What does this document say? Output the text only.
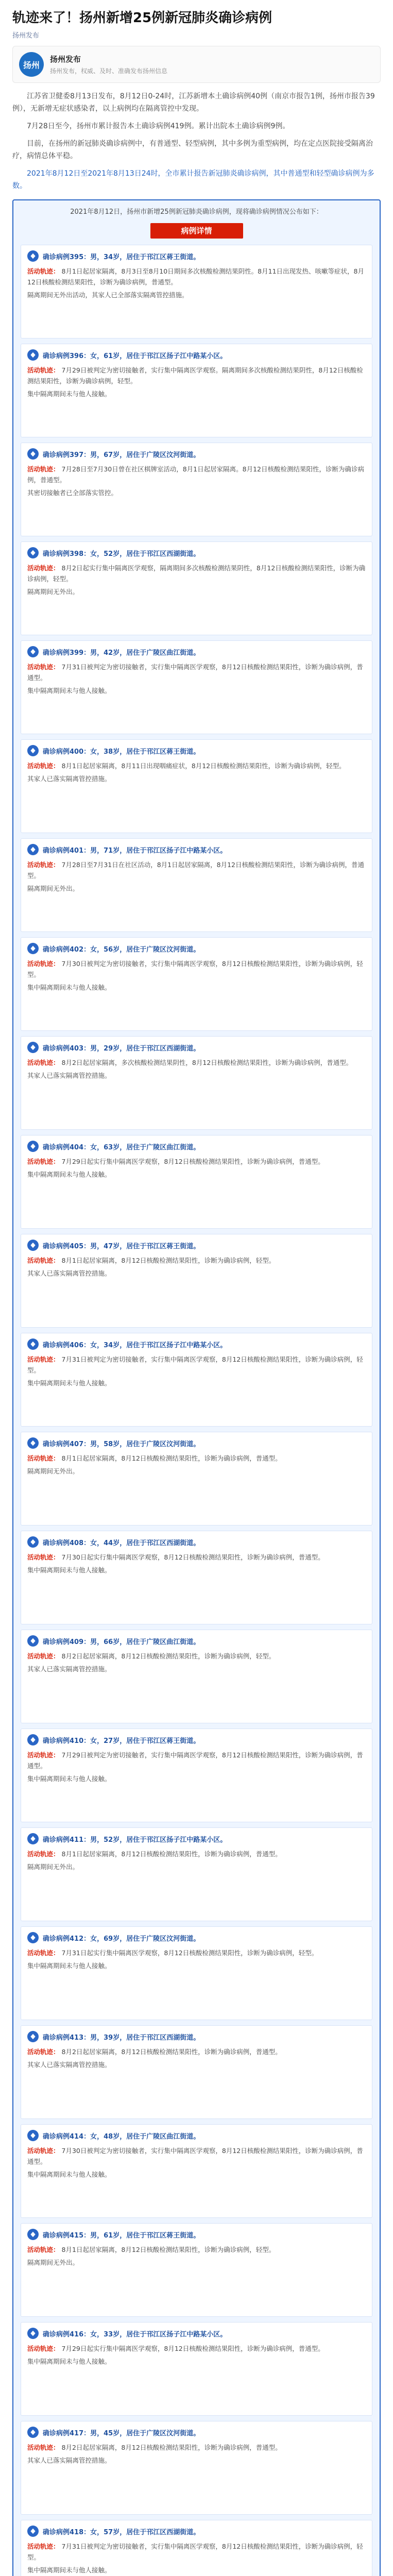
轨迹来了！扬州新增25例新冠肺炎确诊病例
扬州发布
扬州
扬州发布
扬州发布，权威、及时、准确发布扬州信息

江苏省卫健委8月13日发布，8月12日0-24时，江苏新增本土确诊病例40例（南京市报告1例，扬州市报告39例），无新增无症状感染者，以上病例均在隔离管控中发现。

7月28日至今，扬州市累计报告本土确诊病例419例。累计出院本土确诊病例9例。

目前，在扬州的新冠肺炎确诊病例中，有普通型、轻型病例，其中多例为重型病例，均在定点医院接受隔离治疗，病情总体平稳。

2021年8月12日至2021年8月13日24时，全市累计报告新冠肺炎确诊病例，其中普通型和轻型确诊病例为多数。

2021年8月12日，扬州市新增25例新冠肺炎确诊病例，现将确诊病例情况公布如下：
病例详情
确诊病例395：男，34岁，居住于邗江区蒋王街道。
活动轨迹： 8月1日起居家隔离，8月3日至8月10日期间多次核酸检测结果阴性。8月11日出现发热、咳嗽等症状，8月12日核酸检测结果阳性，诊断为确诊病例，普通型。
隔离期间无外出活动，其家人已全部落实隔离管控措施。
确诊病例396：女，61岁，居住于邗江区扬子江中路某小区。
活动轨迹： 7月29日被判定为密切接触者，实行集中隔离医学观察。隔离期间多次核酸检测结果阴性，8月12日核酸检测结果阳性，诊断为确诊病例，轻型。
集中隔离期间未与他人接触。
确诊病例397：男，67岁，居住于广陵区汶河街道。
活动轨迹： 7月28日至7月30日曾在社区棋牌室活动，8月1日起居家隔离。8月12日核酸检测结果阳性，诊断为确诊病例，普通型。
其密切接触者已全部落实管控。
确诊病例398：女，52岁，居住于邗江区西湖街道。
活动轨迹： 8月2日起实行集中隔离医学观察，隔离期间多次核酸检测结果阴性，8月12日核酸检测结果阳性，诊断为确诊病例，轻型。
隔离期间无外出。
确诊病例399：男，42岁，居住于广陵区曲江街道。
活动轨迹： 7月31日被判定为密切接触者，实行集中隔离医学观察，8月12日核酸检测结果阳性，诊断为确诊病例，普通型。
集中隔离期间未与他人接触。
确诊病例400：女，38岁，居住于邗江区蒋王街道。
活动轨迹： 8月1日起居家隔离，8月11日出现咽痛症状，8月12日核酸检测结果阳性，诊断为确诊病例，轻型。
其家人已落实隔离管控措施。
确诊病例401：男，71岁，居住于邗江区扬子江中路某小区。
活动轨迹： 7月28日至7月31日在社区活动，8月1日起居家隔离，8月12日核酸检测结果阳性，诊断为确诊病例，普通型。
隔离期间无外出。
确诊病例402：女，56岁，居住于广陵区汶河街道。
活动轨迹： 7月30日被判定为密切接触者，实行集中隔离医学观察，8月12日核酸检测结果阳性，诊断为确诊病例，轻型。
集中隔离期间未与他人接触。
确诊病例403：男，29岁，居住于邗江区西湖街道。
活动轨迹： 8月2日起居家隔离，多次核酸检测结果阴性，8月12日核酸检测结果阳性，诊断为确诊病例，普通型。
其家人已落实隔离管控措施。
确诊病例404：女，63岁，居住于广陵区曲江街道。
活动轨迹： 7月29日起实行集中隔离医学观察，8月12日核酸检测结果阳性，诊断为确诊病例，普通型。
集中隔离期间未与他人接触。
确诊病例405：男，47岁，居住于邗江区蒋王街道。
活动轨迹： 8月1日起居家隔离，8月12日核酸检测结果阳性，诊断为确诊病例，轻型。
其家人已落实隔离管控措施。
确诊病例406：女，34岁，居住于邗江区扬子江中路某小区。
活动轨迹： 7月31日被判定为密切接触者，实行集中隔离医学观察，8月12日核酸检测结果阳性，诊断为确诊病例，轻型。
集中隔离期间未与他人接触。
确诊病例407：男，58岁，居住于广陵区汶河街道。
活动轨迹： 8月1日起居家隔离，8月12日核酸检测结果阳性，诊断为确诊病例，普通型。
隔离期间无外出。
确诊病例408：女，44岁，居住于邗江区西湖街道。
活动轨迹： 7月30日起实行集中隔离医学观察，8月12日核酸检测结果阳性，诊断为确诊病例，普通型。
集中隔离期间未与他人接触。
确诊病例409：男，66岁，居住于广陵区曲江街道。
活动轨迹： 8月2日起居家隔离，8月12日核酸检测结果阳性，诊断为确诊病例，轻型。
其家人已落实隔离管控措施。
确诊病例410：女，27岁，居住于邗江区蒋王街道。
活动轨迹： 7月29日被判定为密切接触者，实行集中隔离医学观察，8月12日核酸检测结果阳性，诊断为确诊病例，普通型。
集中隔离期间未与他人接触。
确诊病例411：男，52岁，居住于邗江区扬子江中路某小区。
活动轨迹： 8月1日起居家隔离，8月12日核酸检测结果阳性，诊断为确诊病例，普通型。
隔离期间无外出。
确诊病例412：女，69岁，居住于广陵区汶河街道。
活动轨迹： 7月31日起实行集中隔离医学观察，8月12日核酸检测结果阳性，诊断为确诊病例，轻型。
集中隔离期间未与他人接触。
确诊病例413：男，39岁，居住于邗江区西湖街道。
活动轨迹： 8月2日起居家隔离，8月12日核酸检测结果阳性，诊断为确诊病例，普通型。
其家人已落实隔离管控措施。
确诊病例414：女，48岁，居住于广陵区曲江街道。
活动轨迹： 7月30日被判定为密切接触者，实行集中隔离医学观察，8月12日核酸检测结果阳性，诊断为确诊病例，普通型。
集中隔离期间未与他人接触。
确诊病例415：男，61岁，居住于邗江区蒋王街道。
活动轨迹： 8月1日起居家隔离，8月12日核酸检测结果阳性，诊断为确诊病例，轻型。
隔离期间无外出。
确诊病例416：女，33岁，居住于邗江区扬子江中路某小区。
活动轨迹： 7月29日起实行集中隔离医学观察，8月12日核酸检测结果阳性，诊断为确诊病例，普通型。
集中隔离期间未与他人接触。
确诊病例417：男，45岁，居住于广陵区汶河街道。
活动轨迹： 8月2日起居家隔离，8月12日核酸检测结果阳性，诊断为确诊病例，普通型。
其家人已落实隔离管控措施。
确诊病例418：女，57岁，居住于邗江区西湖街道。
活动轨迹： 7月31日被判定为密切接触者，实行集中隔离医学观察，8月12日核酸检测结果阳性，诊断为确诊病例，轻型。
集中隔离期间未与他人接触。
